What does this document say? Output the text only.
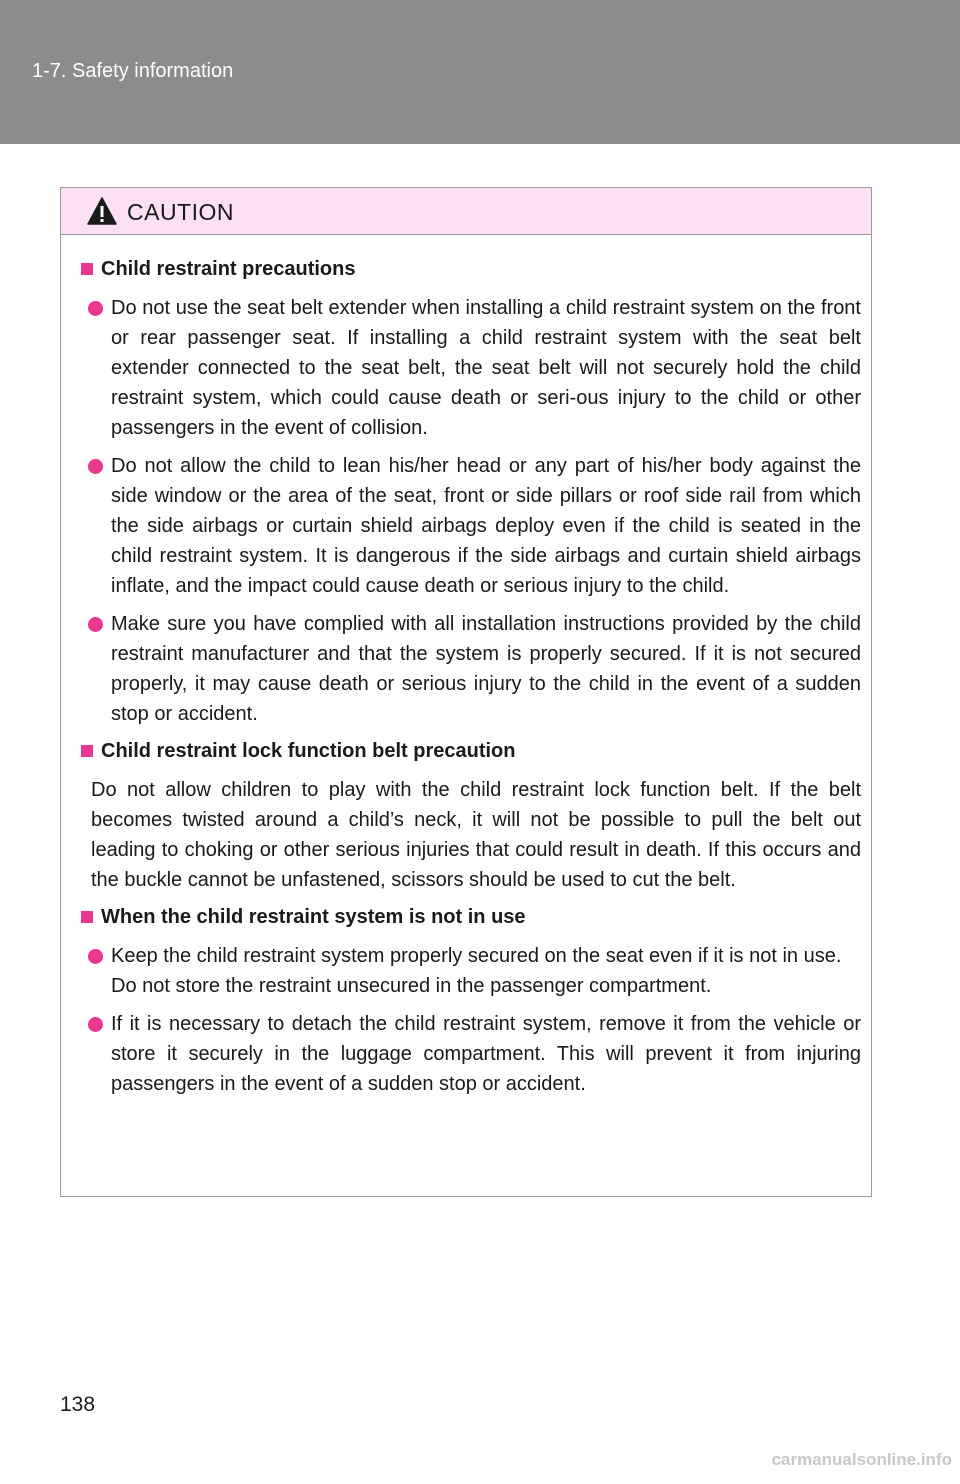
1-7. Safety information
CAUTION
Child restraint precautions
Do not use the seat belt extender when installing a child restraint system on the front or rear passenger seat. If installing a child restraint system with the seat belt extender connected to the seat belt, the seat belt will not securely hold the child restraint system, which could cause death or seri-ous injury to the child or other passengers in the event of collision.
Do not allow the child to lean his/her head or any part of his/her body against the side window or the area of the seat, front or side pillars or roof side rail from which the side airbags or curtain shield airbags deploy even if the child is seated in the child restraint system. It is dangerous if the side airbags and curtain shield airbags inflate, and the impact could cause death or serious injury to the child.
Make sure you have complied with all installation instructions provided by the child restraint manufacturer and that the system is properly secured. If it is not secured properly, it may cause death or serious injury to the child in the event of a sudden stop or accident.
Child restraint lock function belt precaution
Do not allow children to play with the child restraint lock function belt. If the belt becomes twisted around a child’s neck, it will not be possible to pull the belt out leading to choking or other serious injuries that could result in death. If this occurs and the buckle cannot be unfastened, scissors should be used to cut the belt.
When the child restraint system is not in use
Keep the child restraint system properly secured on the seat even if it is not in use.
Do not store the restraint unsecured in the passenger compartment.
If it is necessary to detach the child restraint system, remove it from the vehicle or store it securely in the luggage compartment. This will prevent it from injuring passengers in the event of a sudden stop or accident.
138
carmanualsonline.info
